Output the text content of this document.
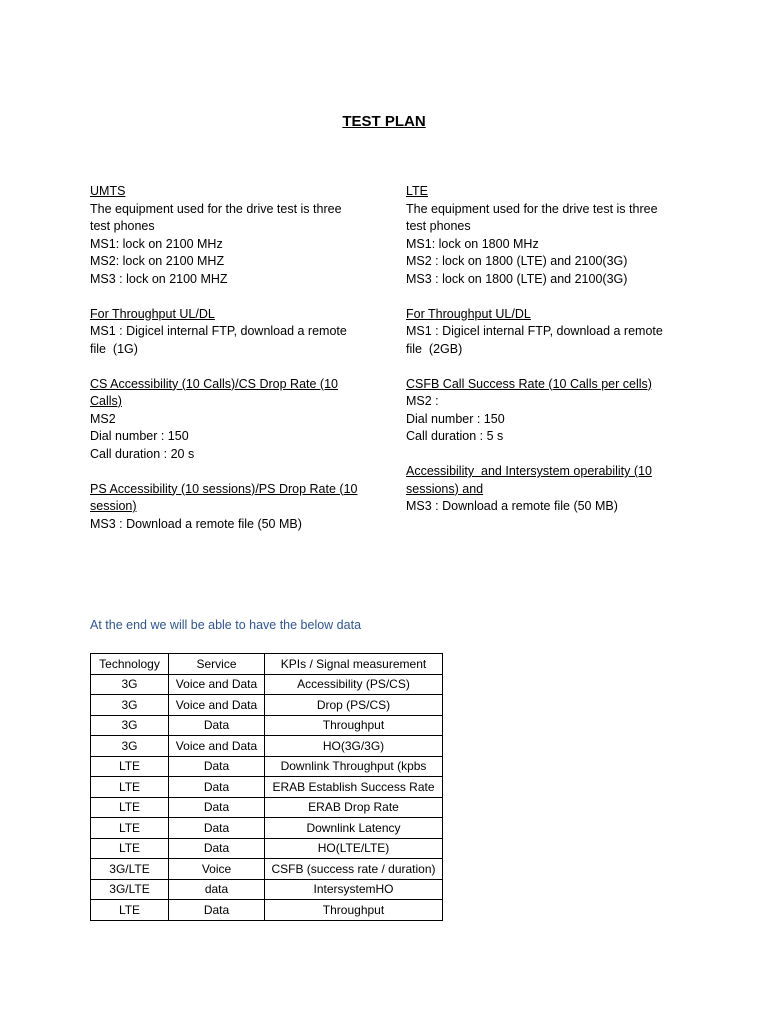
TEST PLAN
UMTS
The equipment used for the drive test is three
test phones
MS1: lock on 2100 MHz
MS2: lock on 2100 MHZ
MS3 : lock on 2100 MHZ
For Throughput UL/DL
MS1 : Digicel internal FTP, download a remote
file  (1G)
CS Accessibility (10 Calls)/CS Drop Rate (10
Calls)
MS2
Dial number : 150
Call duration : 20 s
PS Accessibility (10 sessions)/PS Drop Rate (10
session)
MS3 : Download a remote file (50 MB)
LTE
The equipment used for the drive test is three
test phones
MS1: lock on 1800 MHz
MS2 : lock on 1800 (LTE) and 2100(3G)
MS3 : lock on 1800 (LTE) and 2100(3G)
For Throughput UL/DL
MS1 : Digicel internal FTP, download a remote
file  (2GB)
CSFB Call Success Rate (10 Calls per cells)
MS2 :
Dial number : 150
Call duration : 5 s
Accessibility  and Intersystem operability (10
sessions) and
MS3 : Download a remote file (50 MB)
At the end we will be able to have the below data
Technology	Service	KPIs / Signal measurement
3G	Voice and Data	Accessibility (PS/CS)
3G	Voice and Data	Drop (PS/CS)
3G	Data	Throughput
3G	Voice and Data	HO(3G/3G)
LTE	Data	Downlink Throughput (kpbs
LTE	Data	ERAB Establish Success Rate
LTE	Data	ERAB Drop Rate
LTE	Data	Downlink Latency
LTE	Data	HO(LTE/LTE)
3G/LTE	Voice	CSFB (success rate / duration)
3G/LTE	data	IntersystemHO
LTE	Data	Throughput
